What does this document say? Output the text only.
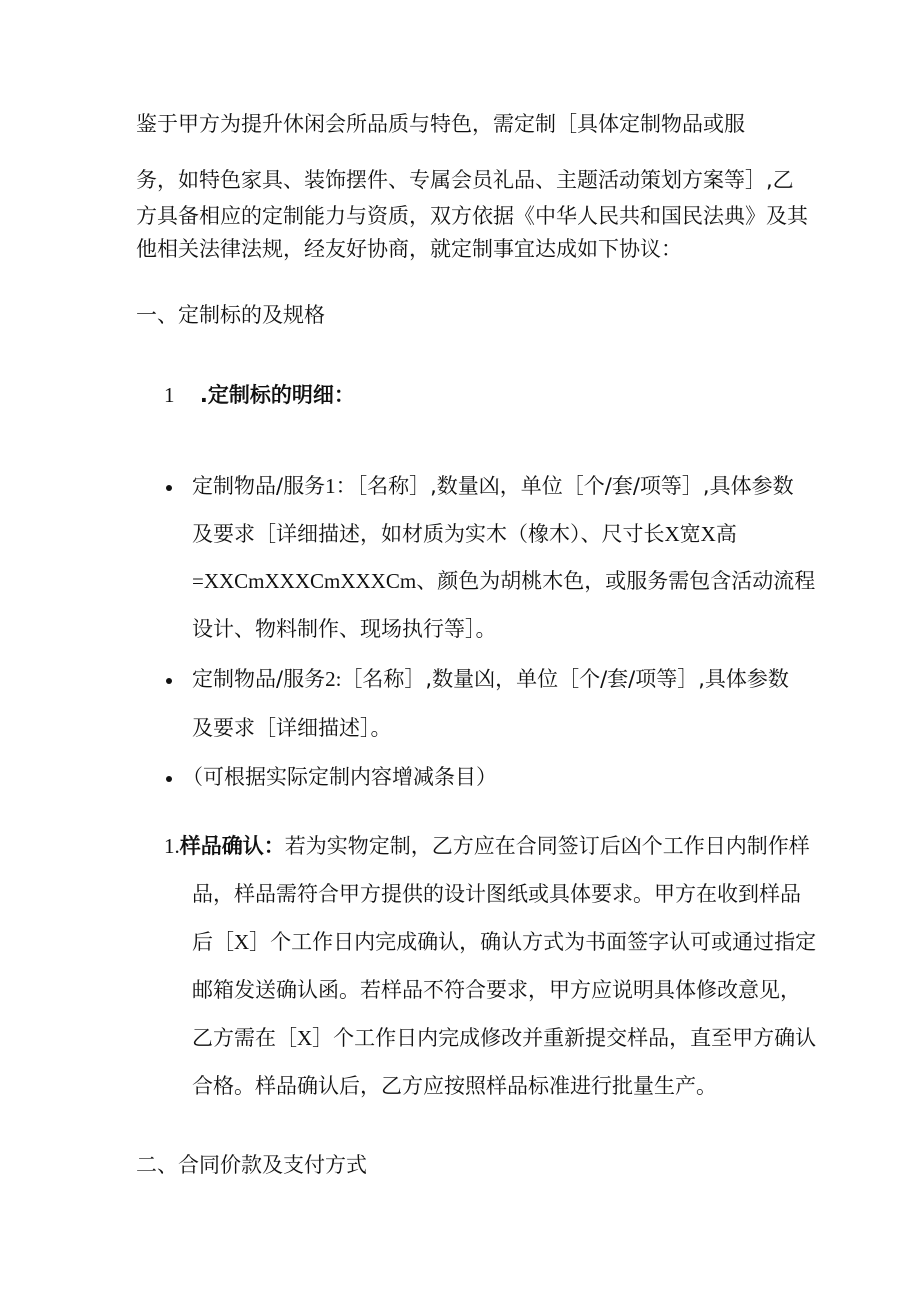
鉴于甲方为提升休闲会所品质与特色，需定制［具体定制物品或服
务，如特色家具、装饰摆件、专属会员礼品、主题活动策划方案等］,乙
方具备相应的定制能力与资质，双方依据《中华人民共和国民法典》及其
他相关法律法规，经友好协商，就定制事宜达成如下协议：
一、定制标的及规格
1 .定制标的明细：
定制物品/服务1：［名称］,数量凶，单位［个/套/项等］,具体参数
及要求［详细描述，如材质为实木（橡木）、尺寸长X宽X高
=XXCmXXXCmXXXCm、颜色为胡桃木色，或服务需包含活动流程
设计、物料制作、现场执行等］。
定制物品/服务2:［名称］,数量凶，单位［个/套/项等］,具体参数
及要求［详细描述］。
（可根据实际定制内容增减条目）
1.样品确认：若为实物定制，乙方应在合同签订后凶个工作日内制作样
品，样品需符合甲方提供的设计图纸或具体要求。甲方在收到样品
后［X］个工作日内完成确认，确认方式为书面签字认可或通过指定
邮箱发送确认函。若样品不符合要求，甲方应说明具体修改意见，
乙方需在［X］个工作日内完成修改并重新提交样品，直至甲方确认
合格。样品确认后，乙方应按照样品标准进行批量生产。
二、合同价款及支付方式
